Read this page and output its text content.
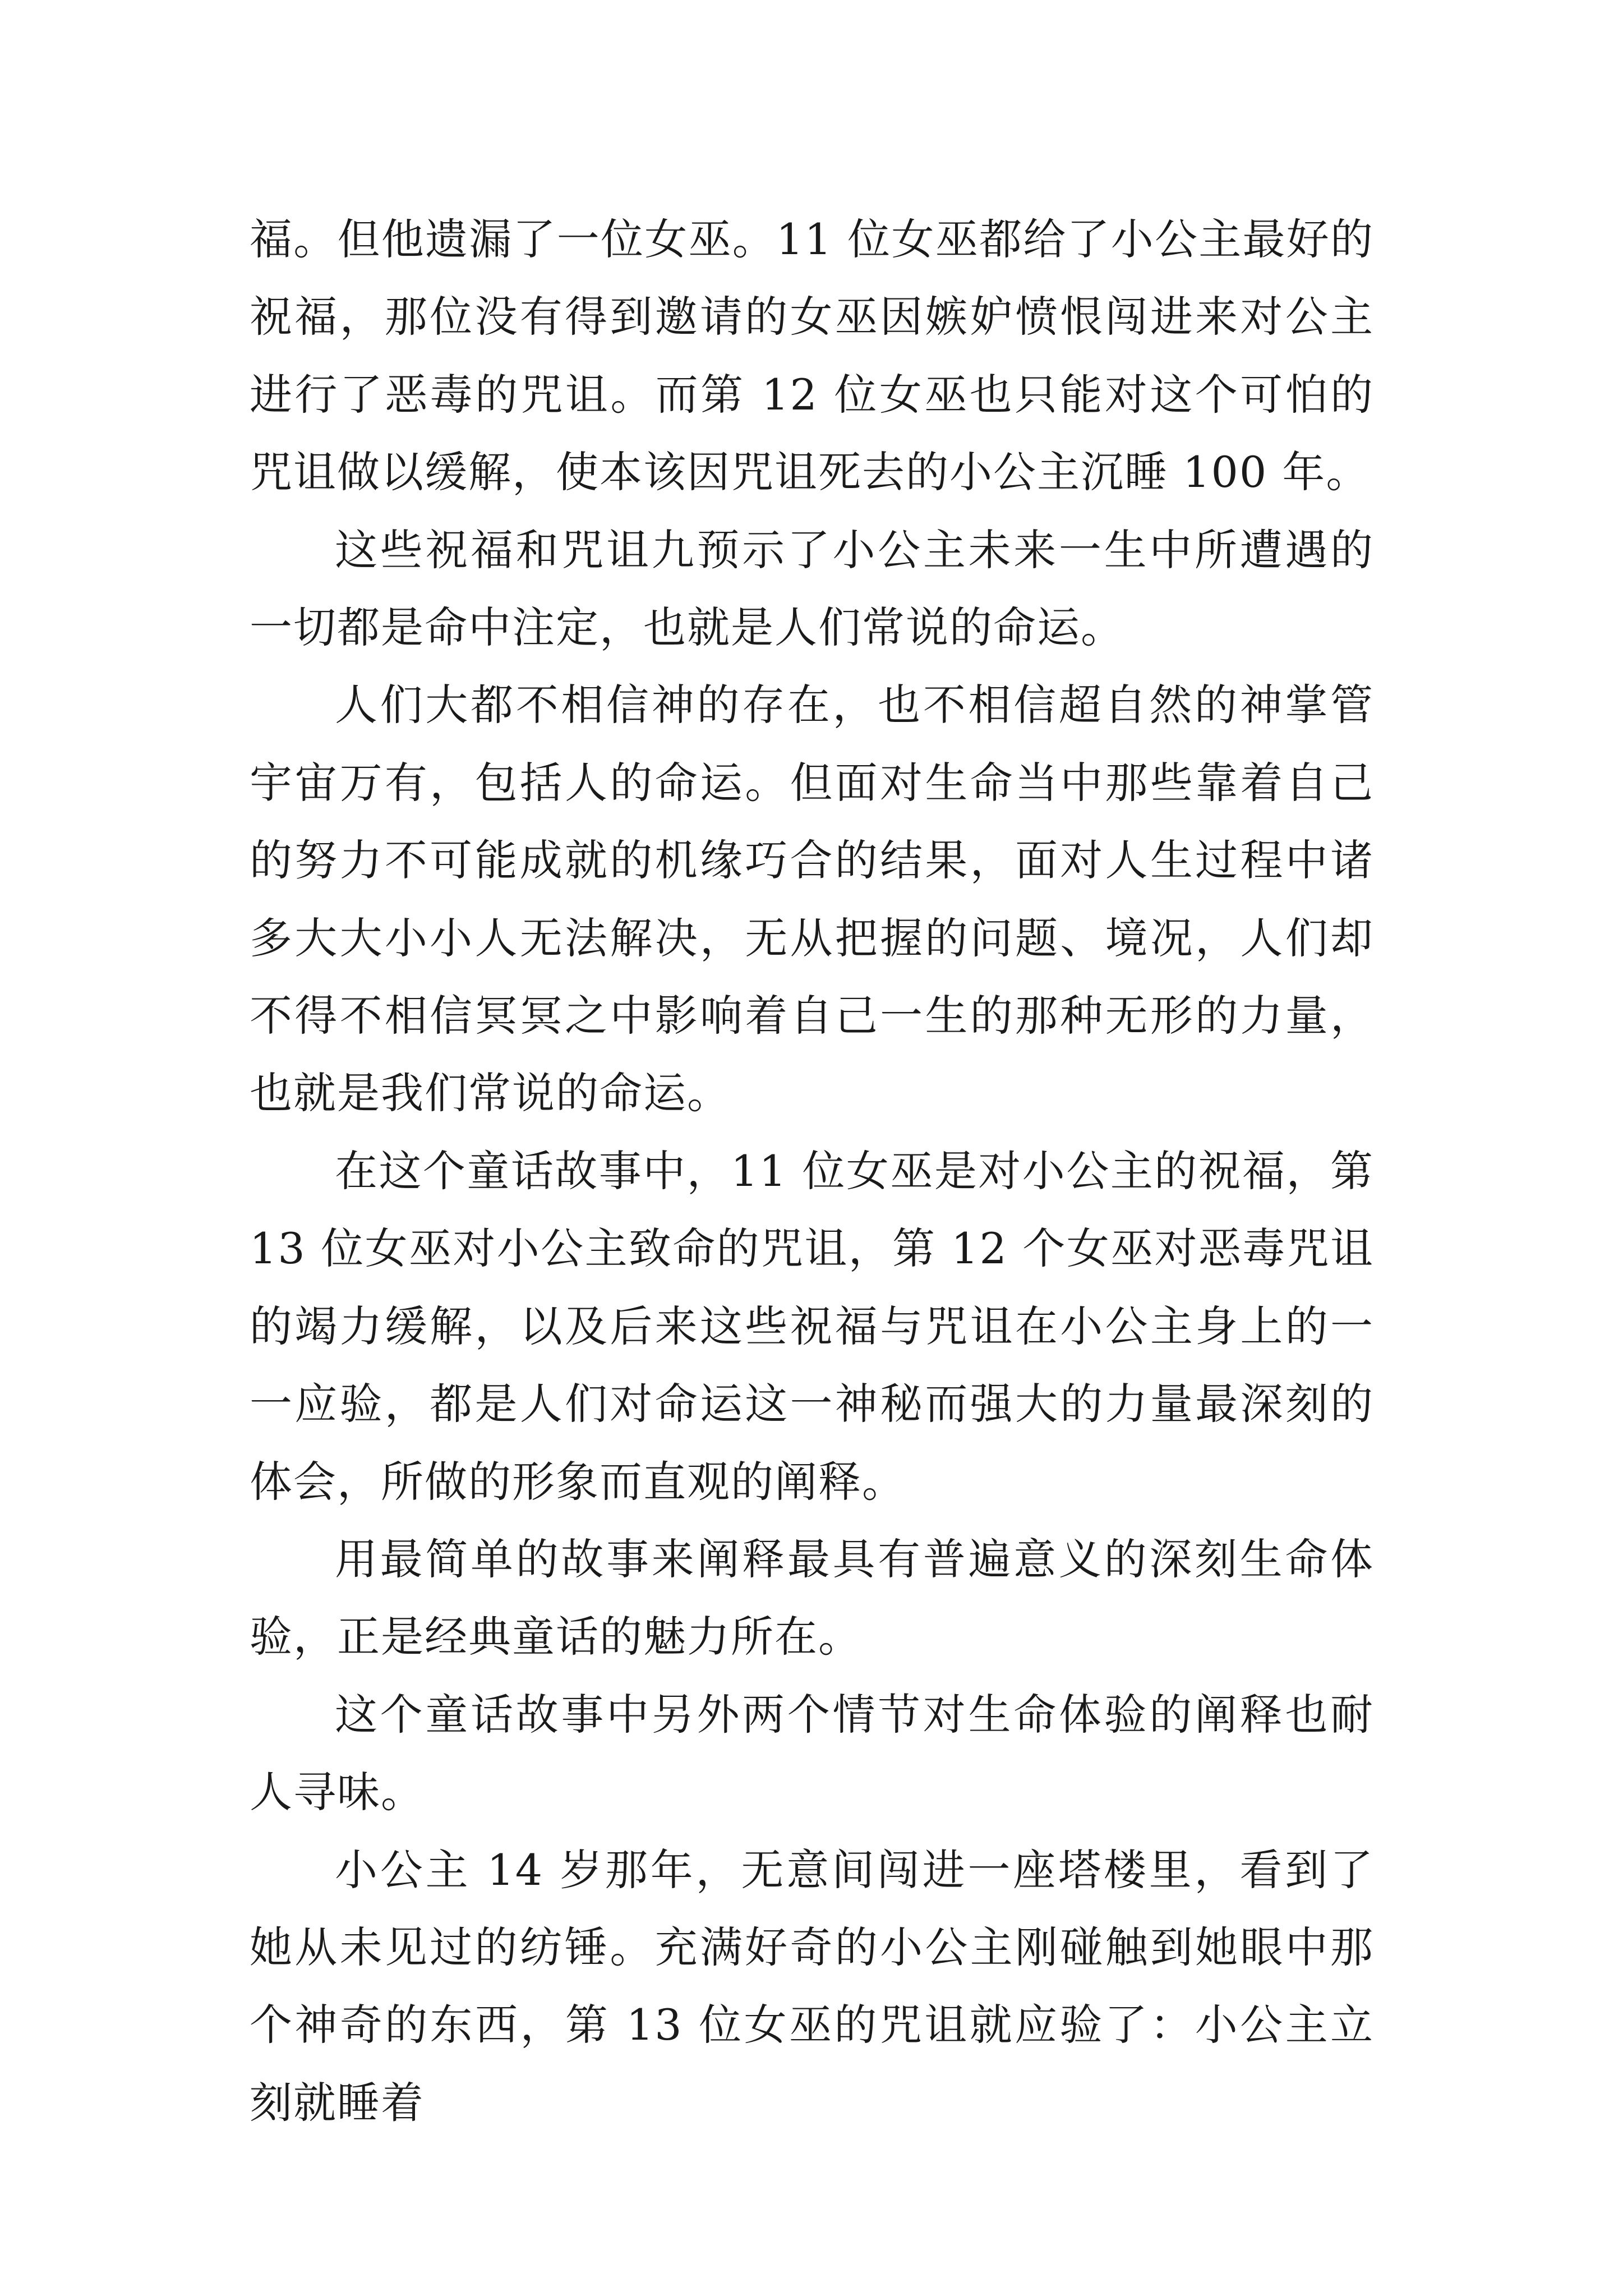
福。但他遗漏了一位女巫。11 位女巫都给了小公主最好的祝福，那位没有得到邀请的女巫因嫉妒愤恨闯进来对公主进行了恶毒的咒诅。而第 12 位女巫也只能对这个可怕的咒诅做以缓解，使本该因咒诅死去的小公主沉睡 100 年。

这些祝福和咒诅九预示了小公主未来一生中所遭遇的一切都是命中注定，也就是人们常说的命运。

人们大都不相信神的存在，也不相信超自然的神掌管宇宙万有，包括人的命运。但面对生命当中那些靠着自己的努力不可能成就的机缘巧合的结果，面对人生过程中诸多大大小小人无法解决，无从把握的问题、境况，人们却不得不相信冥冥之中影响着自己一生的那种无形的力量，也就是我们常说的命运。

在这个童话故事中，11 位女巫是对小公主的祝福，第 13 位女巫对小公主致命的咒诅，第 12 个女巫对恶毒咒诅的竭力缓解，以及后来这些祝福与咒诅在小公主身上的一一应验，都是人们对命运这一神秘而强大的力量最深刻的体会，所做的形象而直观的阐释。

用最简单的故事来阐释最具有普遍意义的深刻生命体验，正是经典童话的魅力所在。

这个童话故事中另外两个情节对生命体验的阐释也耐人寻味。

小公主 14 岁那年，无意间闯进一座塔楼里，看到了她从未见过的纺锤。充满好奇的小公主刚碰触到她眼中那个神奇的东西，第 13 位女巫的咒诅就应验了：小公主立刻就睡着
